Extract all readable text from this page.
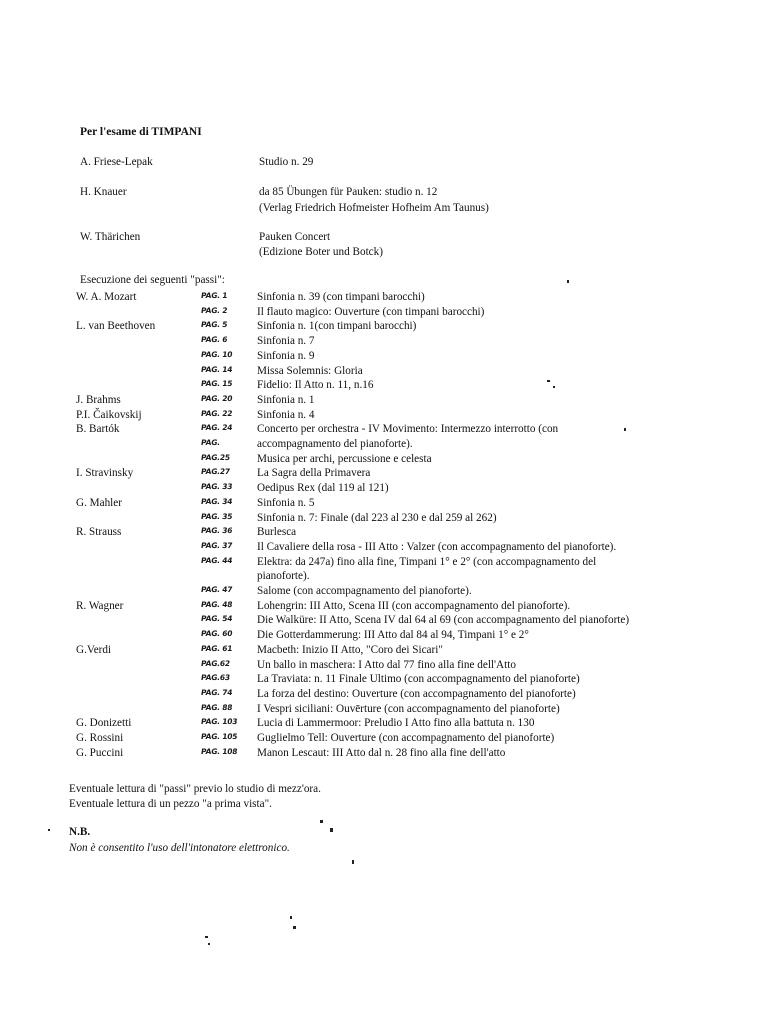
Per l'esame di TIMPANI
A. Friese-Lepak	Studio n. 29
H. Knauer	da 85 Übungen für Pauken: studio n. 12
(Verlag Friedrich Hofmeister Hofheim Am Taunus)
W. Thärichen	Pauken Concert
(Edizione Boter und Botck)
Esecuzione dei seguenti "passi":
W. A. Mozart	PAG. 1	Sinfonia n. 39 (con timpani barocchi)
PAG. 2	Il flauto magico: Ouverture (con timpani barocchi)
L. van Beethoven	PAG. 5	Sinfonia n. 1(con timpani barocchi)
PAG. 6	Sinfonia n. 7
PAG. 10 Sinfonia n. 9
PAG. 14 Missa Solemnis: Gloria
PAG. 15 Fidelio: Il Atto n. 11, n.16
J. Brahms	PAG. 20 Sinfonia n. 1
P.I. Čaikovskij	PAG. 22 Sinfonia n. 4
B. Bartók	PAG. 24 Concerto per orchestra - IV Movimento: Intermezzo interrotto (con
PAG.	accompagnamento del pianoforte).
PAG.25 Musica per archi, percussione e celesta
I. Stravinsky	PAG.27 La Sagra della Primavera
PAG. 33 Oedipus Rex (dal 119 al 121)
G. Mahler	PAG. 34 Sinfonia n. 5
PAG. 35 Sinfonia n. 7: Finale (dal 223 al 230 e dal 259 al 262)
R. Strauss	PAG. 36 Burlesca
PAG. 37 Il Cavaliere della rosa - III Atto : Valzer (con accompagnamento del pianoforte).
PAG. 44 Elektra: da 247a) fino alla fine, Timpani 1° e 2° (con accompagnamento del
pianoforte).
PAG. 47 Salome (con accompagnamento del pianoforte).
R. Wagner	PAG. 48 Lohengrin: III Atto, Scena III (con accompagnamento del pianoforte).
PAG. 54 Die Walküre: II Atto, Scena IV dal 64 al 69 (con accompagnamento del pianoforte)
PAG. 60 Die Gotterdammerung: III Atto dal 84 al 94, Timpani 1° e 2°
G.Verdi	PAG. 61 Macbeth: Inizio II Atto, "Coro dei Sicari"
PAG.62 Un ballo in maschera: I Atto dal 77 fino alla fine dell'Atto
PAG.63 La Traviata: n. 11 Finale Ultimo (con accompagnamento del pianoforte)
PAG. 74 La forza del destino: Ouverture (con accompagnamento del pianoforte)
PAG. 88 I Vespri siciliani: Ouvērture (con accompagnamento del pianoforte)
G. Donizetti	PAG. 103 Lucia di Lammermoor: Preludio I Atto fino alla battuta n. 130
G. Rossini	PAG. 105 Guglielmo Tell: Ouverture (con accompagnamento del pianoforte)
G. Puccini	PAG. 108 Manon Lescaut: III Atto dal n. 28 fino alla fine dell'atto
Eventuale lettura di "passi" previo lo studio di mezz'ora.
Eventuale lettura di un pezzo "a prima vista".
N.B.
Non è consentito l'uso dell'intonatore elettronico.
